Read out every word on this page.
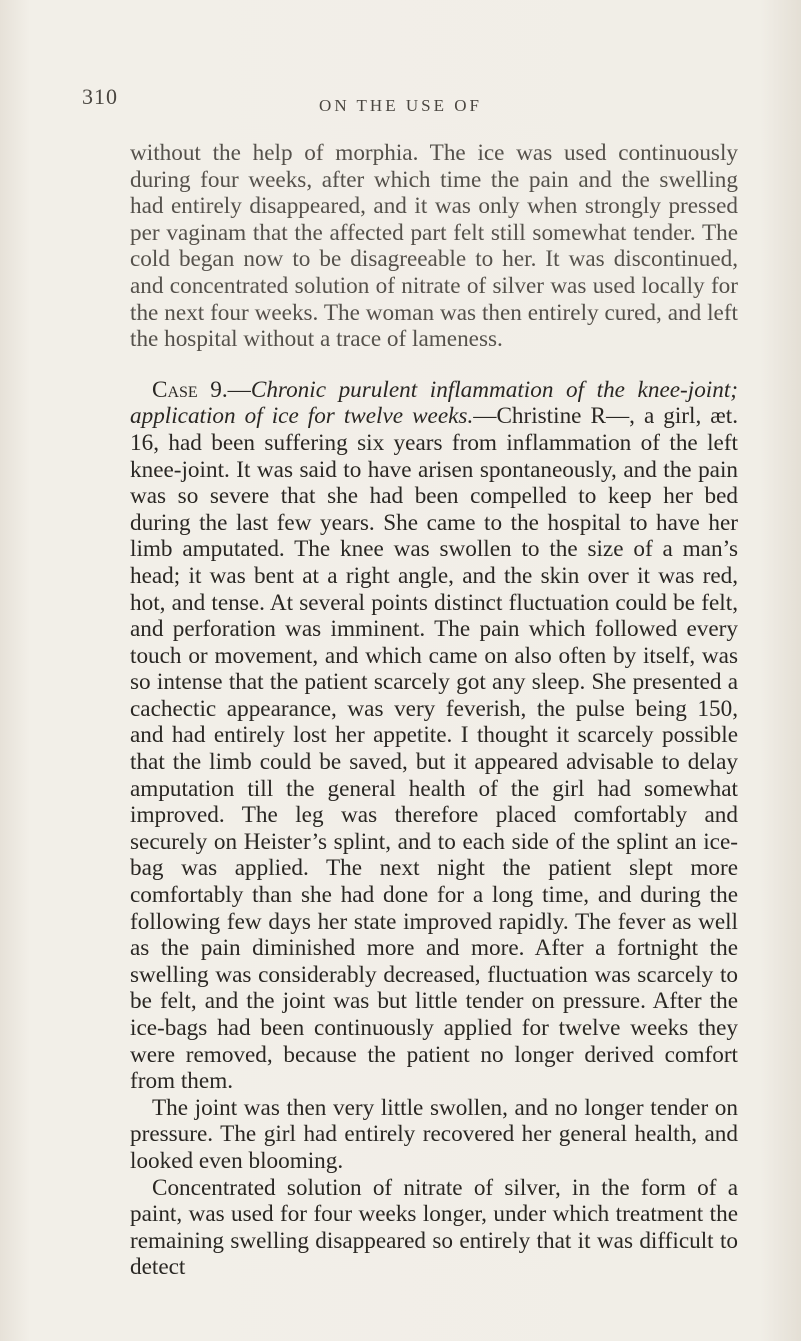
310	ON THE USE OF

without the help of morphia. The ice was used continuously during four weeks, after which time the pain and the swelling had entirely disappeared, and it was only when strongly pressed per vaginam that the affected part felt still somewhat tender. The cold began now to be disagreeable to her. It was discontinued, and concentrated solution of nitrate of silver was used locally for the next four weeks. The woman was then entirely cured, and left the hospital without a trace of lameness.

Case 9.—Chronic purulent inflammation of the knee-joint; application of ice for twelve weeks.—Christine R—, a girl, æt. 16, had been suffering six years from inflammation of the left knee-joint. It was said to have arisen spontaneously, and the pain was so severe that she had been compelled to keep her bed during the last few years. She came to the hospital to have her limb amputated. The knee was swollen to the size of a man’s head; it was bent at a right angle, and the skin over it was red, hot, and tense. At several points distinct fluctuation could be felt, and perforation was imminent. The pain which followed every touch or movement, and which came on also often by itself, was so intense that the patient scarcely got any sleep. She presented a cachectic appearance, was very feverish, the pulse being 150, and had entirely lost her appetite. I thought it scarcely possible that the limb could be saved, but it appeared advisable to delay amputation till the general health of the girl had somewhat improved. The leg was therefore placed comfortably and securely on Heister’s splint, and to each side of the splint an ice-bag was applied. The next night the patient slept more comfortably than she had done for a long time, and during the following few days her state improved rapidly. The fever as well as the pain diminished more and more. After a fortnight the swelling was considerably decreased, fluctuation was scarcely to be felt, and the joint was but little tender on pressure. After the ice-bags had been continuously applied for twelve weeks they were removed, because the patient no longer derived comfort from them.

The joint was then very little swollen, and no longer tender on pressure. The girl had entirely recovered her general health, and looked even blooming.

Concentrated solution of nitrate of silver, in the form of a paint, was used for four weeks longer, under which treatment the remaining swelling disappeared so entirely that it was difficult to detect
